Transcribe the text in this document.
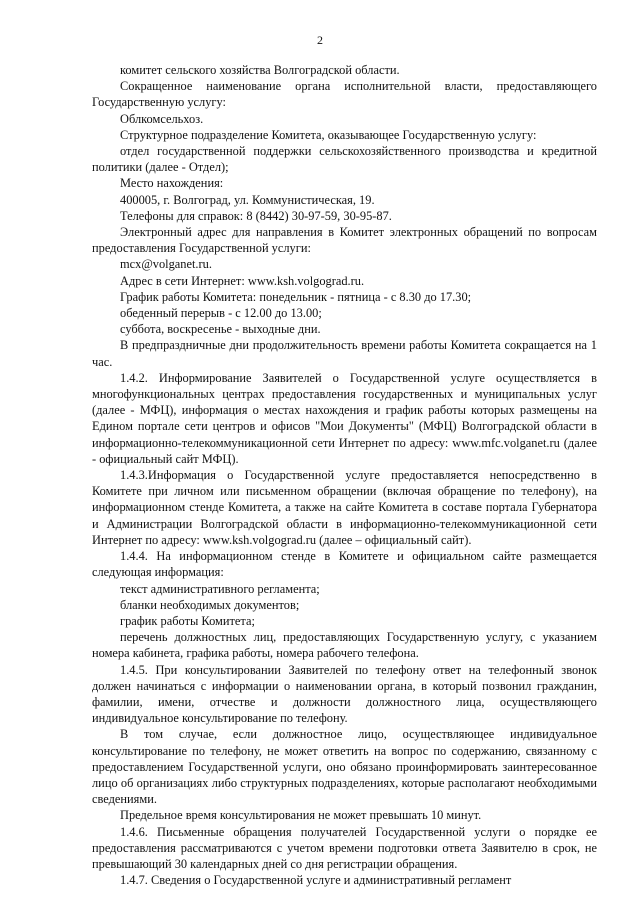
2

комитет сельского хозяйства Волгоградской области.

Сокращенное наименование органа исполнительной власти, предоставляющего Государственную услугу:

Облкомсельхоз.

Структурное подразделение Комитета, оказывающее Государственную услугу:

отдел государственной поддержки сельскохозяйственного производства и кредитной политики (далее - Отдел);

Место нахождения:

400005, г. Волгоград, ул. Коммунистическая, 19.

Телефоны для справок: 8 (8442) 30-97-59, 30-95-87.

Электронный адрес для направления в Комитет электронных обращений по вопросам предоставления Государственной услуги:

mcx@volganet.ru.

Адрес в сети Интернет: www.ksh.volgograd.ru.

График работы Комитета: понедельник - пятница - с 8.30 до 17.30;

обеденный перерыв - с 12.00 до 13.00;

суббота, воскресенье - выходные дни.

В предпраздничные дни продолжительность времени работы Комитета сокращается на 1 час.

1.4.2. Информирование Заявителей о Государственной услуге осуществляется в многофункциональных центрах предоставления государственных и муниципальных услуг (далее - МФЦ), информация о местах нахождения и график работы которых размещены на Едином портале сети центров и офисов "Мои Документы" (МФЦ) Волгоградской области в информационно-телекоммуникационной сети Интернет по адресу: www.mfc.volganet.ru (далее - официальный сайт МФЦ).

1.4.3.Информация о Государственной услуге предоставляется непосредственно в Комитете при личном или письменном обращении (включая обращение по телефону), на информационном стенде Комитета, а также на сайте Комитета в составе портала Губернатора и Администрации Волгоградской области в информационно-телекоммуникационной сети Интернет по адресу: www.ksh.volgograd.ru (далее – официальный сайт).

1.4.4. На информационном стенде в Комитете и официальном сайте размещается следующая информация:

текст административного регламента;

бланки необходимых документов;

график работы Комитета;

перечень должностных лиц, предоставляющих Государственную услугу, с указанием номера кабинета, графика работы, номера рабочего телефона.

1.4.5. При консультировании Заявителей по телефону ответ на телефонный звонок должен начинаться с информации о наименовании органа, в который позвонил гражданин, фамилии, имени, отчестве и должности должностного лица, осуществляющего индивидуальное консультирование по телефону.

В том случае, если должностное лицо, осуществляющее индивидуальное консультирование по телефону, не может ответить на вопрос по содержанию, связанному с предоставлением Государственной услуги, оно обязано проинформировать заинтересованное лицо об организациях либо структурных подразделениях, которые располагают необходимыми сведениями.

Предельное время консультирования не может превышать 10 минут.

1.4.6. Письменные обращения получателей Государственной услуги о порядке ее предоставления рассматриваются с учетом времени подготовки ответа Заявителю в срок, не превышающий 30 календарных дней со дня регистрации обращения.

1.4.7. Сведения о Государственной услуге и административный регламент
